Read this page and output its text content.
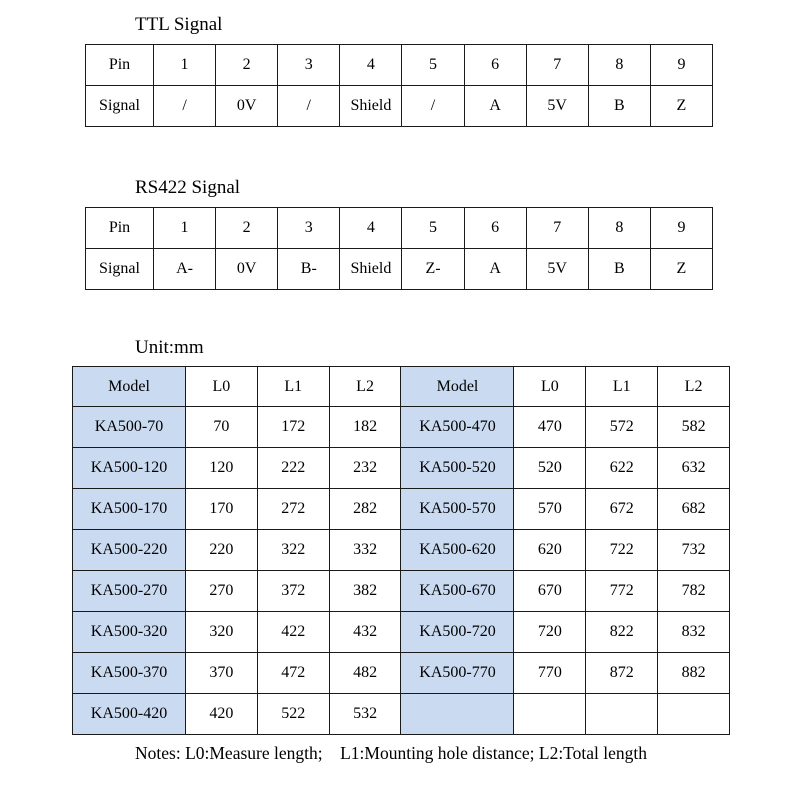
TTL Signal
Pin	1	2	3	4	5	6	7	8	9
Signal	/	0V	/	Shield	/	A	5V	B	Z
RS422 Signal
Pin	1	2	3	4	5	6	7	8	9
Signal	A-	0V	B-	Shield	Z-	A	5V	B	Z
Unit:mm
Model	L0	L1	L2	Model	L0	L1	L2
KA500-70	70	172	182	KA500-470	470	572	582
KA500-120	120	222	232	KA500-520	520	622	632
KA500-170	170	272	282	KA500-570	570	672	682
KA500-220	220	322	332	KA500-620	620	722	732
KA500-270	270	372	382	KA500-670	670	772	782
KA500-320	320	422	432	KA500-720	720	822	832
KA500-370	370	472	482	KA500-770	770	872	882
KA500-420	420	522	532				
Notes: L0:Measure length;    L1:Mounting hole distance; L2:Total length
